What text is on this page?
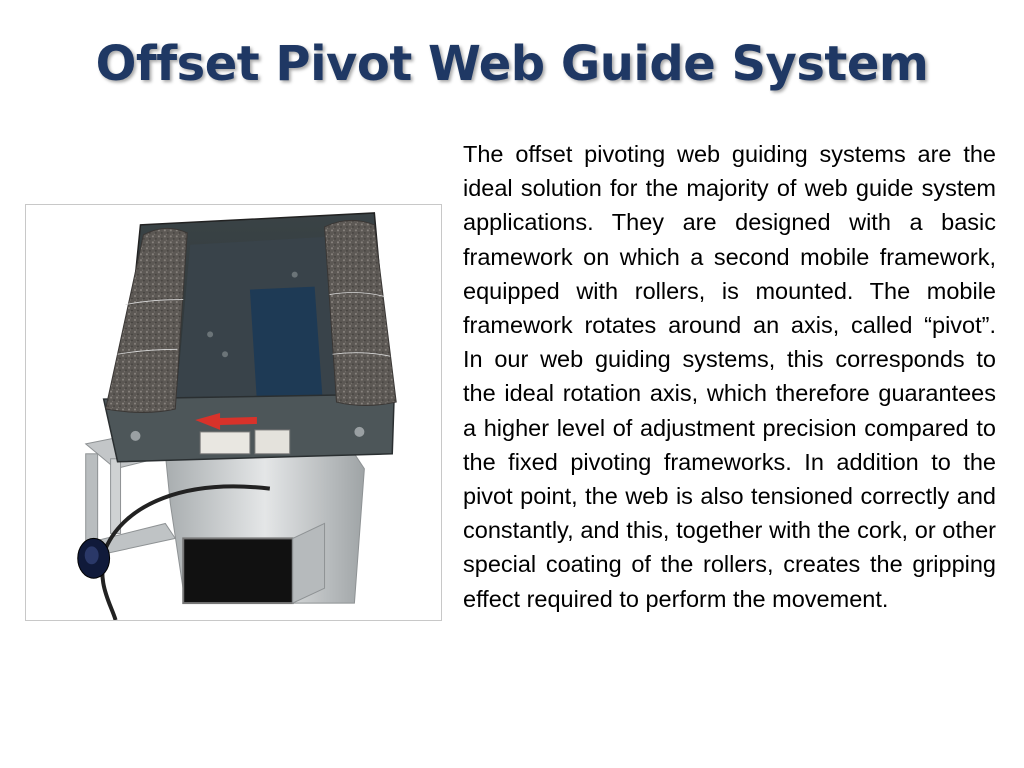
Offset Pivot Web Guide System
The offset pivoting web guiding systems are the ideal solution for the majority of web guide system applications. They are designed with a basic framework on which a second mobile framework, equipped with rollers, is mounted. The mobile framework rotates around an axis, called “pivot”.
In our web guiding systems, this corresponds to the ideal rotation axis, which therefore guarantees a higher level of adjustment precision compared to the fixed pivoting frameworks. In addition to the pivot point, the web is also tensioned correctly and constantly, and this, together with the cork, or other special coating of the rollers, creates the gripping effect required to perform the movement.
